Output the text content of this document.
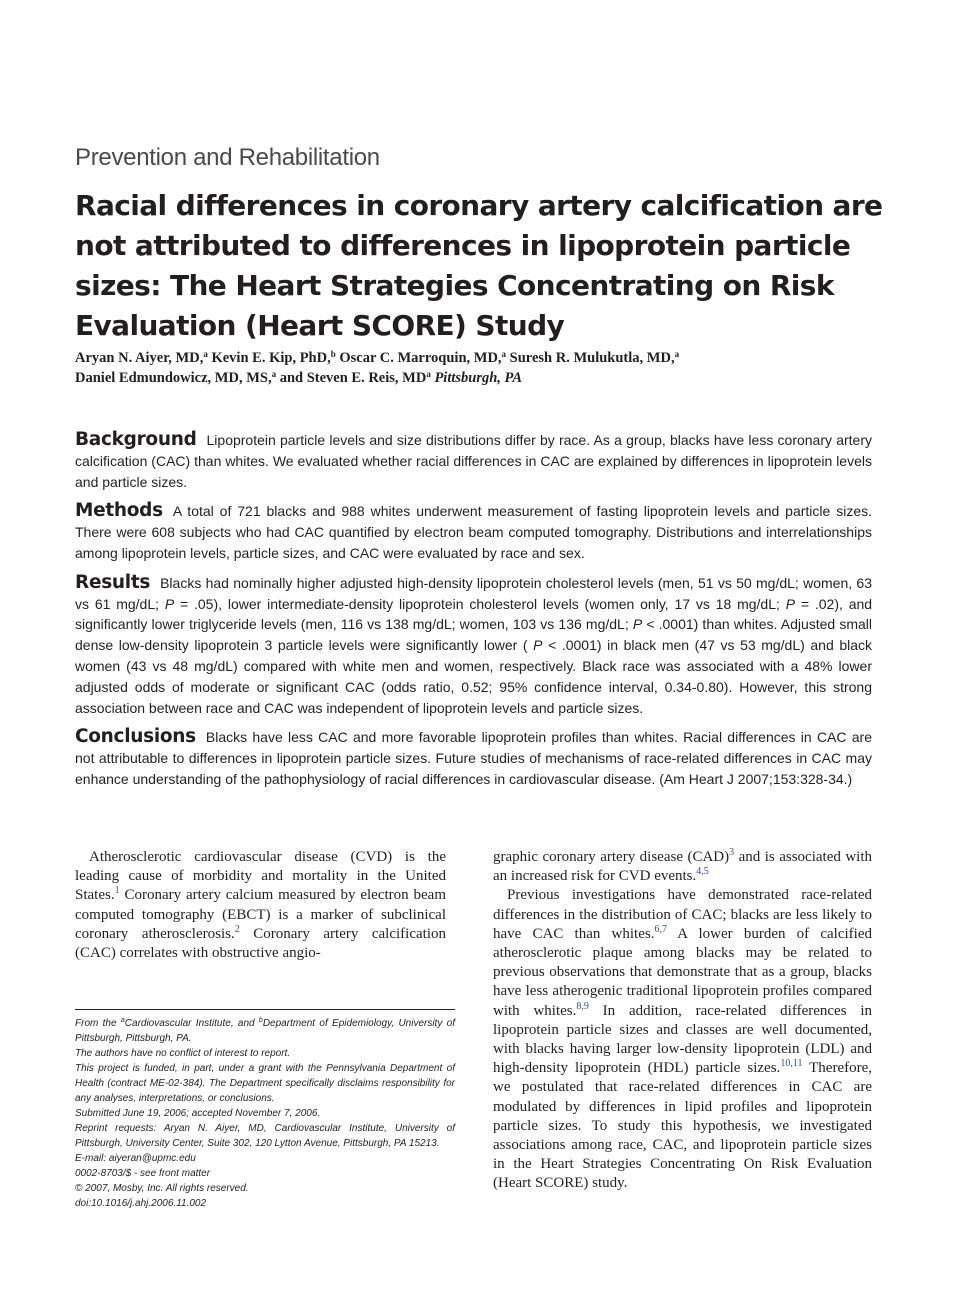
Prevention and Rehabilitation
Racial differences in coronary artery calcification are not attributed to differences in lipoprotein particle sizes: The Heart Strategies Concentrating on Risk Evaluation (Heart SCORE) Study
Aryan N. Aiyer, MD,$^a$ Kevin E. Kip, PhD,$^b$ Oscar C. Marroquin, MD,$^a$ Suresh R. Mulukutla, MD,$^a$
Daniel Edmundowicz, MD, MS,$^a$ and Steven E. Reis, $MD^a$ Pittsburgh, PA

Background Lipoprotein particle levels and size distributions differ by race. As a group, blacks have less coronary artery calcification (CAC) than whites. We evaluated whether racial differences in CAC are explained by differences in lipoprotein levels and particle sizes.

Methods A total of 721 blacks and 988 whites underwent measurement of fasting lipoprotein levels and particle sizes. There were 608 subjects who had CAC quantified by electron beam computed tomography. Distributions and interrelationships among lipoprotein levels, particle sizes, and CAC were evaluated by race and sex.

Results Blacks had nominally higher adjusted high-density lipoprotein cholesterol levels (men, 51 vs 50 mg/dL; women, 63 vs 61 mg/dL; P = .05), lower intermediate-density lipoprotein cholesterol levels (women only, 17 vs 18 mg/dL; P = .02), and significantly lower triglyceride levels (men, 116 vs 138 mg/dL; women, 103 vs 136 mg/dL; P < .0001) than whites. Adjusted small dense low-density lipoprotein 3 particle levels were significantly lower ( P < .0001) in black men (47 vs 53 mg/dL) and black women (43 vs 48 mg/dL) compared with white men and women, respectively. Black race was associated with a 48% lower adjusted odds of moderate or significant CAC (odds ratio, 0.52; 95% confidence interval, 0.34-0.80). However, this strong association between race and CAC was independent of lipoprotein levels and particle sizes.

Conclusions Blacks have less CAC and more favorable lipoprotein profiles than whites. Racial differences in CAC are not attributable to differences in lipoprotein particle sizes. Future studies of mechanisms of race-related differences in CAC may enhance understanding of the pathophysiology of racial differences in cardiovascular disease. (Am Heart J 2007;153:328-34.)

Atherosclerotic cardiovascular disease (CVD) is the leading cause of morbidity and mortality in the United States.$^1$ Coronary artery calcium measured by electron beam computed tomography (EBCT) is a marker of subclinical coronary atherosclerosis.$^2$ Coronary artery calcification (CAC) correlates with obstructive angio-

From the $^a$Cardiovascular Institute, and $^b$Department of Epidemiology, University of Pittsburgh, Pittsburgh, PA.
The authors have no conflict of interest to report.
This project is funded, in part, under a grant with the Pennsylvania Department of Health (contract ME-02-384). The Department specifically disclaims responsibility for any analyses, interpretations, or conclusions.
Submitted June 19, 2006; accepted November 7, 2006.
Reprint requests: Aryan N. Aiyer, MD, Cardiovascular Institute, University of Pittsburgh, University Center, Suite 302, 120 Lytton Avenue, Pittsburgh, PA 15213.
E-mail: aiyeran@upmc.edu
0002-8703/$ - see front matter
© 2007, Mosby, Inc. All rights reserved.
doi:10.1016/j.ahj.2006.11.002

graphic coronary artery disease (CAD)$^3$ and is associated with an increased risk for CVD events.$^{4,5}$

Previous investigations have demonstrated race-related differences in the distribution of CAC; blacks are less likely to have CAC than whites.$^{6,7}$ A lower burden of calcified atherosclerotic plaque among blacks may be related to previous observations that demonstrate that as a group, blacks have less atherogenic traditional lipoprotein profiles compared with whites.$^{8,9}$ In addition, race-related differences in lipoprotein particle sizes and classes are well documented, with blacks having larger low-density lipoprotein (LDL) and high-density lipoprotein (HDL) particle sizes.$^{10,11}$ Therefore, we postulated that race-related differences in CAC are modulated by differences in lipid profiles and lipoprotein particle sizes. To study this hypothesis, we investigated associations among race, CAC, and lipoprotein particle sizes in the Heart Strategies Concentrating On Risk Evaluation (Heart SCORE) study.
